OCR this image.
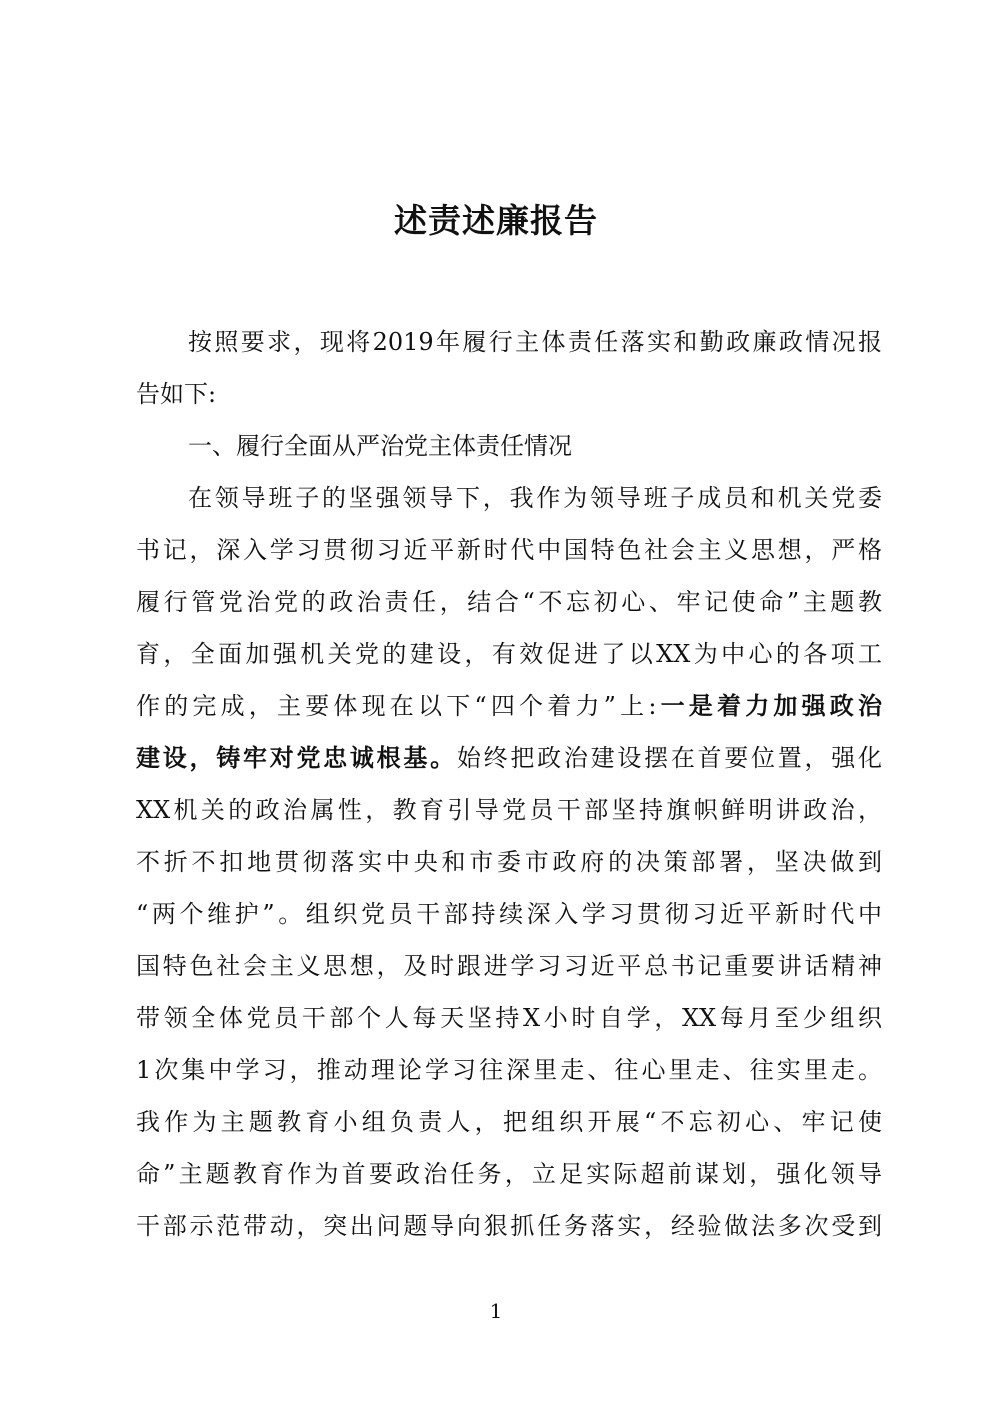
述责述廉报告
按照要求，现将2019年履行主体责任落实和勤政廉政情况报
告如下:
一、履行全面从严治党主体责任情况
在领导班子的坚强领导下，我作为领导班子成员和机关党委
书记，深入学习贯彻习近平新时代中国特色社会主义思想，严格
履行管党治党的政治责任，结合“不忘初心、牢记使命”主题教
育，全面加强机关党的建设，有效促进了以XX为中心的各项工
作的完成，主要体现在以下“四个着力”上:一是着力加强政治
建设，铸牢对党忠诚根基。始终把政治建设摆在首要位置，强化
XX机关的政治属性，教育引导党员干部坚持旗帜鲜明讲政治，
不折不扣地贯彻落实中央和市委市政府的决策部署，坚决做到
“两个维护”。组织党员干部持续深入学习贯彻习近平新时代中
国特色社会主义思想，及时跟进学习习近平总书记重要讲话精神
带领全体党员干部个人每天坚持X小时自学，XX每月至少组织
1次集中学习，推动理论学习往深里走、往心里走、往实里走。
我作为主题教育小组负责人，把组织开展“不忘初心、牢记使
命”主题教育作为首要政治任务，立足实际超前谋划，强化领导
干部示范带动，突出问题导向狠抓任务落实，经验做法多次受到
1
